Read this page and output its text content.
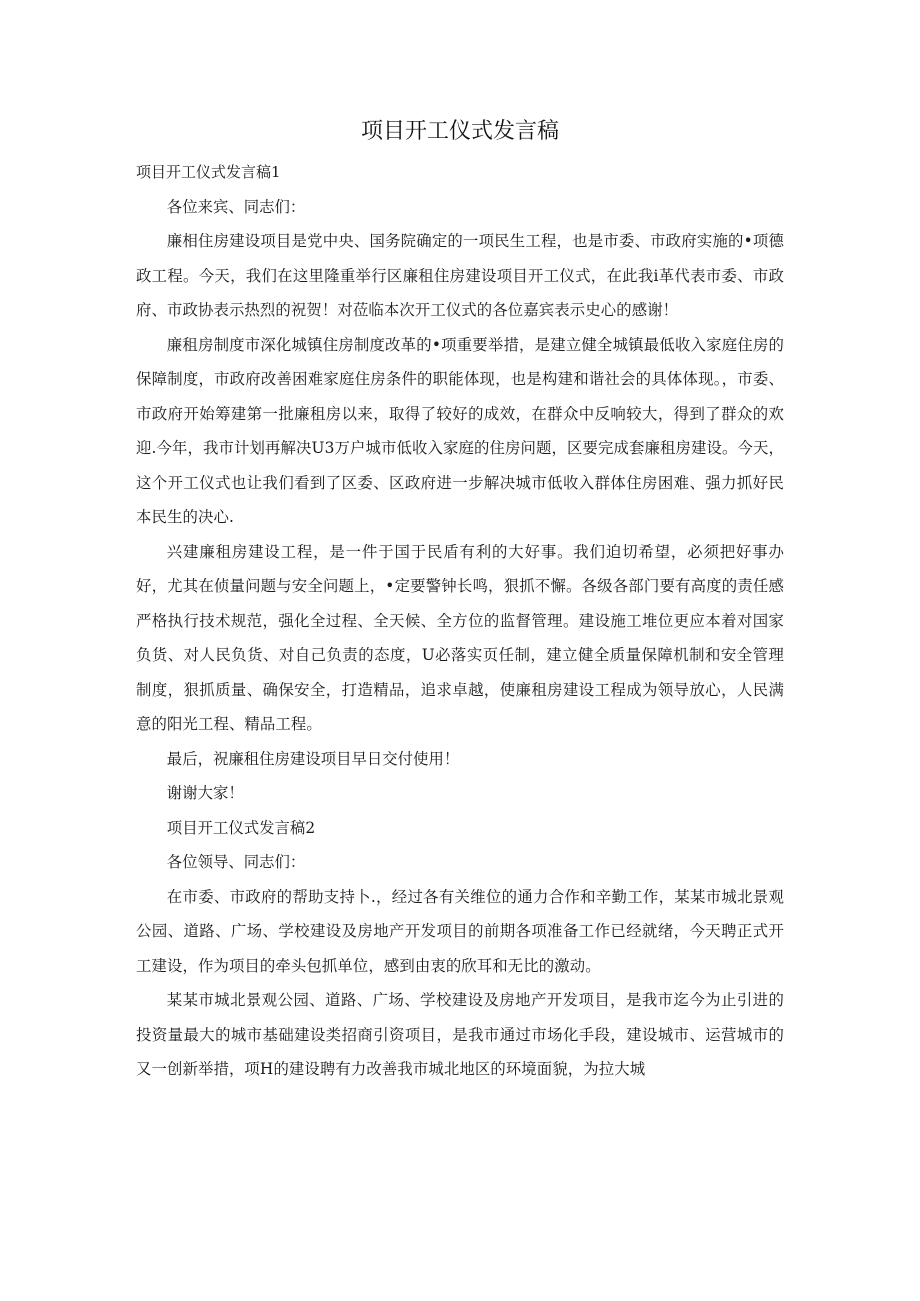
项目开工仪式发言稿

项目开工仪式发言稿1

各位来宾、同志们：

廉相住房建设项目是党中央、国务院确定的一项民生工程，也是市委、市政府实施的•项德政工程。今天，我们在这里隆重举行区廉租住房建设项目开工仪式，在此我i革代表市委、市政府、市政协表示热烈的祝贺！对莅临本次开工仪式的各位嘉宾表示史心的感谢！

廉租房制度市深化城镇住房制度改革的•项重要举措，是建立健全城镇最低收入家庭住房的保障制度，市政府改善困难家庭住房条件的职能体现，也是构建和谐社会的具体体现。，市委、市政府开始筹建第一批廉租房以来，取得了较好的成效，在群众中反响较大，得到了群众的欢迎.今年，我市计划再解决U3万户城市低收入家庭的住房问题，区要完成套廉租房建设。今天，这个开工仪式也让我们看到了区委、区政府进一步解决城市低收入群体住房困难、强力抓好民本民生的决心.

兴建廉租房建设工程，是一件于国于民盾有利的大好事。我们迫切希望，必须把好事办好，尤其在侦量问题与安全问题上，•定要警钟长鸣，狠抓不懈。各级各部门要有高度的责任感严格执行技术规范，强化全过程、全天候、全方位的监督管理。建设施工堆位更应本着对国家负货、对人民负货、对自己负责的态度，U必落实页任制，建立健全质量保障机制和安全管理制度，狠抓质量、确保安全，打造精品，追求卓越，使廉租房建设工程成为领导放心，人民满意的阳光工程、精品工程。

最后，祝廉租住房建设项目早日交付使用！

谢谢大家！

项目开工仪式发言稿2

各位领导、同志们：

在市委、市政府的帮助支持卜.，经过各有关维位的通力合作和辛勤工作，某某市城北景观公园、道路、广场、学校建设及房地产开发项目的前期各项准备工作已经就绪，今天聘正式开工建设，作为项目的牵头包抓单位，感到由衷的欣耳和无比的激动。

某某市城北景观公园、道路、广场、学校建设及房地产开发项目，是我市迄今为止引进的投资量最大的城市基础建设类招商引资项目，是我市通过市场化手段，建设城市、运营城市的又一创新举措，项H的建设聘有力改善我市城北地区的环境面貌，为拉大城
